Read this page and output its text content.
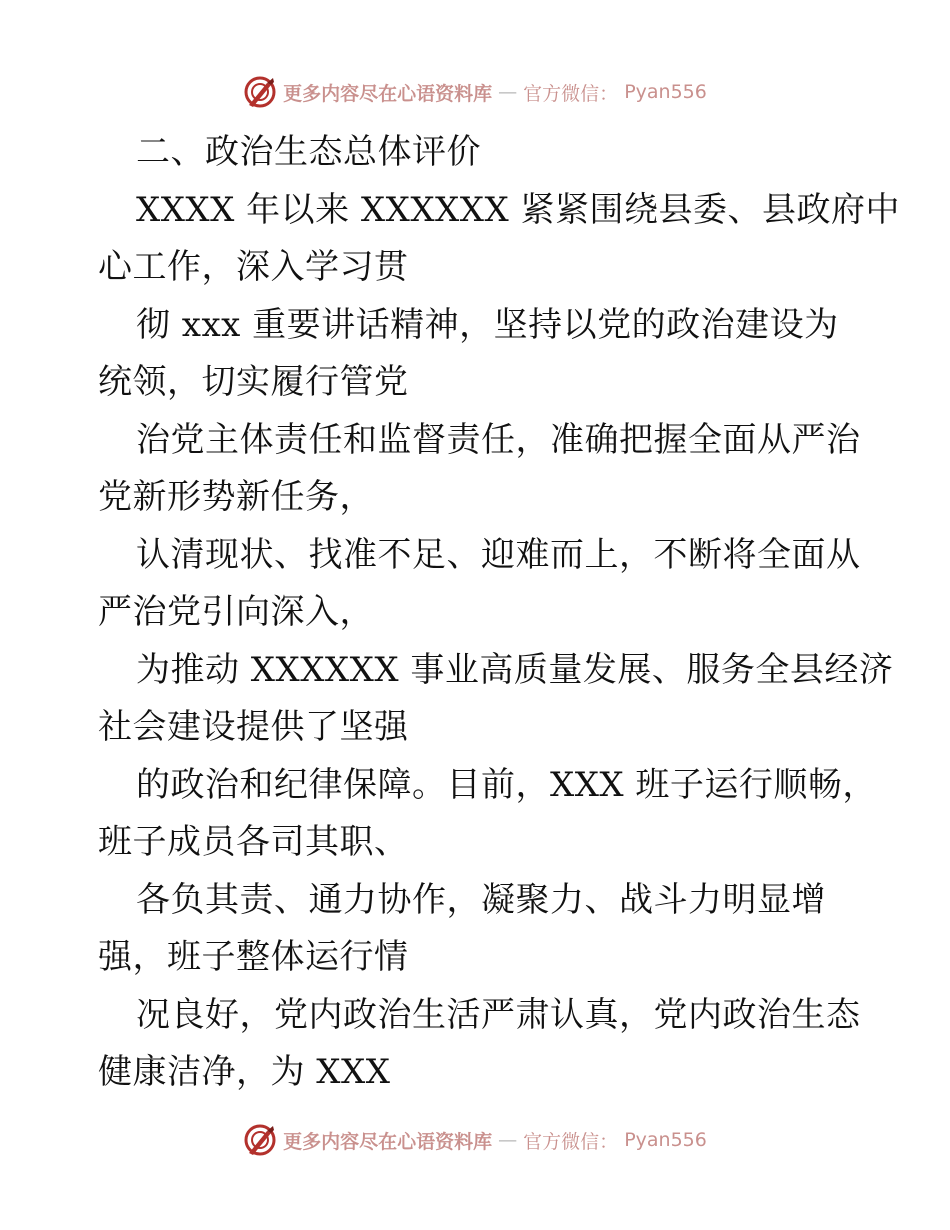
更多内容尽在心语资料库 — 官方微信： Pyan556
二、政治生态总体评价
XXXX 年以来 XXXXXX 紧紧围绕县委、县政府中
心工作，深入学习贯
彻 xxx 重要讲话精神，坚持以党的政治建设为
统领，切实履行管党
治党主体责任和监督责任，准确把握全面从严治
党新形势新任务，
认清现状、找准不足、迎难而上，不断将全面从
严治党引向深入，
为推动 XXXXXX 事业高质量发展、服务全县经济
社会建设提供了坚强
的政治和纪律保障。目前，XXX 班子运行顺畅，
班子成员各司其职、
各负其责、通力协作，凝聚力、战斗力明显增
强，班子整体运行情
况良好，党内政治生活严肃认真，党内政治生态
健康洁净，为 XXX
更多内容尽在心语资料库 — 官方微信： Pyan556
